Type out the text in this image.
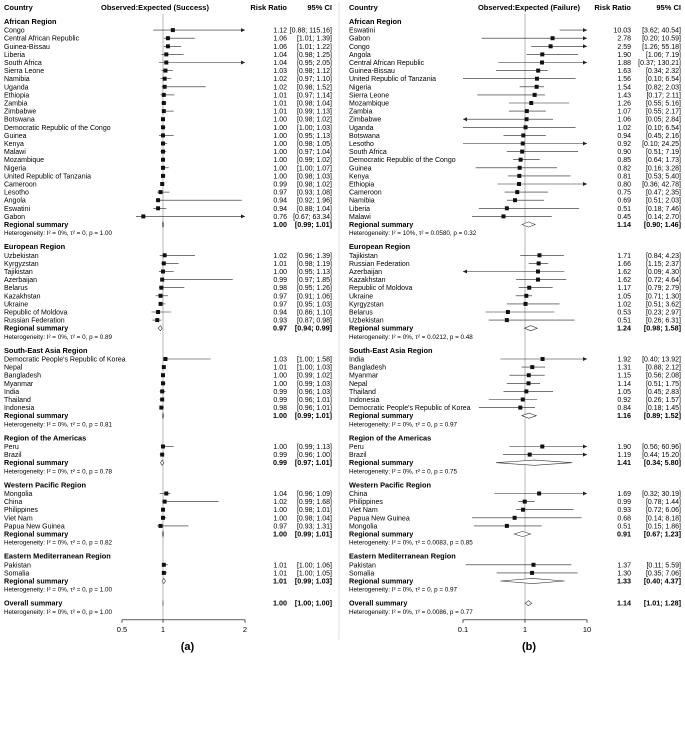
Country	Observed:Expected (Success)	Risk Ratio	95% CI
African Region
Congo	1.12 [0.88; 115.16]
Central African Republic	1.06 [1.01; 1.39]
Guinea-Bissau	1.06 [1.01; 1.22]
Liberia	1.04 [0.98; 1.25]
South Africa	1.04 [0.95; 2.05]
Sierra Leone	1.03 [0.98; 1.12]
Namibia	1.02 [0.97; 1.10]
Uganda	1.02 [0.98; 1.52]
Ethiopia	1.01 [0.97; 1.14]
Zambia	1.01 [0.98; 1.04]
Zimbabwe	1.01 [0.99; 1.13]
Botswana	1.00 [0.98; 1.02]
Democratic Republic of the Congo	1.00 [1.00; 1.03]
Guinea	1.00 [0.95; 1.13]
Kenya	1.00 [0.98; 1.05]
Malawi	1.00 [0.97; 1.04]
Mozambique	1.00 [0.99; 1.02]
Nigeria	1.00 [1.00; 1.07]
United Republic of Tanzania	1.00 [0.98; 1.03]
Cameroon	0.99 [0.98; 1.02]
Lesotho	0.97 [0.93; 1.08]
Angola	0.94 [0.92; 1.96]
Eswatini	0.94 [0.88; 1.04]
Gabon	0.76 [0.67; 63.34]
Regional summary	1.00 [0.99; 1.01]
Heterogeneity: I² = 0%, τ² = 0, p = 1.00
European Region
Uzbekistan	1.02 [0.96; 1.39]
Kyrgyzstan	1.01 [0.98; 1.19]
Tajikistan	1.00 [0.95; 1.13]
Azerbaijan	0.99 [0.97; 1.85]
Belarus	0.98 [0.95; 1.26]
Kazakhstan	0.97 [0.91; 1.06]
Ukraine	0.97 [0.95; 1.03]
Republic of Moldova	0.94 [0.86; 1.10]
Russian Federation	0.93 [0.87; 0.98]
Regional summary	0.97 [0.94; 0.99]
Heterogeneity: I² = 0%, τ² = 0, p = 0.89
South-East Asia Region
Democratic People's Republic of Korea	1.03 [1.00; 1.58]
Nepal	1.01 [1.00; 1.03]
Bangladesh	1.00 [0.99; 1.02]
Myanmar	1.00 [0.99; 1.03]
India	0.99 [0.96; 1.03]
Thailand	0.99 [0.96; 1.01]
Indonesia	0.98 [0.96; 1.01]
Regional summary	1.00 [0.99; 1.01]
Heterogeneity: I² = 0%, τ² = 0, p = 0.81
Region of the Americas
Peru	1.00 [0.99; 1.13]
Brazil	0.99 [0.96; 1.00]
Regional summary	0.99 [0.97; 1.01]
Heterogeneity: I² = 0%, τ² = 0, p = 0.78
Western Pacific Region
Mongolia	1.04 [0.96; 1.09]
China	1.02 [0.99; 1.68]
Philippines	1.00 [0.98; 1.01]
Viet Nam	1.00 [0.98; 1.04]
Papua New Guinea	0.97 [0.93; 1.31]
Regional summary	1.00 [0.99; 1.01]
Heterogeneity: I² = 0%, τ² = 0, p = 0.82
Eastern Mediterranean Region
Pakistan	1.01 [1.00; 1.06]
Somalia	1.01 [1.00; 1.05]
Regional summary	1.01 [0.99; 1.03]
Heterogeneity: I² = 0%, τ² = 0, p = 1.00
Overall summary	1.00 [1.00; 1.00]
Heterogeneity: I² = 0%, τ² = 0, p = 1.00
0.5	1	2
(a)
Country	Observed:Expected (Failure) Risk Ratio	95% CI
African Region
Eswatini	10.03 [3.62; 40.54]
Gabon	2.78 [0.20; 10.59]
Congo	2.59 [1.26; 55.18]
Angola	1.90 [1.06; 7.19]
Central African Republic	1.88 [0.37; 130.21]
Guinea-Bissau	1.63 [0.34; 2.32]
United Republic of Tanzania	1.56 [0.10; 6.54]
Nigeria	1.54 [0.82; 2.03]
Sierra Leone	1.43 [0.17; 2.11]
Mozambique	1.26 [0.55; 5.16]
Zambia	1.07 [0.55; 2.17]
Zimbabwe	1.06 [0.05; 2.84]
Uganda	1.02 [0.10; 6.54]
Botswana	0.94 [0.45; 2.16]
Lesotho	0.92 [0.10; 24.25]
South Africa	0.90 [0.51; 7.19]
Democratic Republic of the Congo	0.85 [0.64; 1.73]
Guinea	0.82 [0.16; 3.28]
Kenya	0.81 [0.53; 5.40]
Ethiopia	0.80 [0.36; 42.78]
Cameroon	0.75 [0.47; 2.35]
Namibia	0.69 [0.51; 2.03]
Liberia	0.51 [0.18; 7.46]
Malawi	0.45 [0.14; 2.70]
Regional summary	1.14 [0.90; 1.46]
Heterogeneity: I² = 10%, τ² = 0.0580, p = 0.32
European Region
Tajikistan	1.71 [0.84; 4.23]
Russian Federation	1.66 [1.15; 2.37]
Azerbaijan	1.62 [0.09; 4.30]
Kazakhstan	1.62 [0.72; 4.64]
Republic of Moldova	1.17 [0.79; 2.79]
Ukraine	1.05 [0.71; 1.30]
Kyrgyzstan	1.02 [0.51; 3.62]
Belarus	0.53 [0.23; 2.97]
Uzbekistan	0.51 [0.26; 6.31]
Regional summary	1.24 [0.98; 1.58]
Heterogeneity: I² = 0%, τ² = 0.0212, p = 0.48
South-East Asia Region
India	1.92 [0.40; 13.92]
Bangladesh	1.31 [0.88; 2.12]
Myanmar	1.15 [0.56; 2.08]
Nepal	1.14 [0.51; 1.75]
Thailand	1.05 [0.45; 2.83]
Indonesia	0.92 [0.26; 1.57]
Democratic People's Republic of Korea	0.84 [0.18; 1.45]
Regional summary	1.16 [0.89; 1.52]
Heterogeneity: I² = 0%, τ² = 0, p = 0.97
Region of the Americas
Peru	1.90 [0.56; 60.96]
Brazil	1.19 [0.44; 15.20]
Regional summary	1.41 [0.34; 5.80]
Heterogeneity: I² = 0%, τ² = 0, p = 0.75
Western Pacific Region
China	1.69 [0.32; 30.19]
Philippines	0.99 [0.78; 1.44]
Viet Nam	0.93 [0.72; 6.06]
Papua New Guinea	0.68 [0.14; 8.18]
Mongolia	0.51 [0.15; 1.86]
Regional summary	0.91 [0.67; 1.23]
Heterogeneity: I² = 0%, τ² = 0.0083, p = 0.85
Eastern Mediterranean Region
Pakistan	1.37 [0.11; 5.59]
Somalia	1.30 [0.35; 7.06]
Regional summary	1.33 [0.40; 4.37]
Heterogeneity: I² = 0%, τ² = 0, p = 0.97
Overall summary	1.14 [1.01; 1.28]
Heterogeneity: I² = 0%, τ² = 0.0086, p = 0.77
0.1	1	10
(b)
